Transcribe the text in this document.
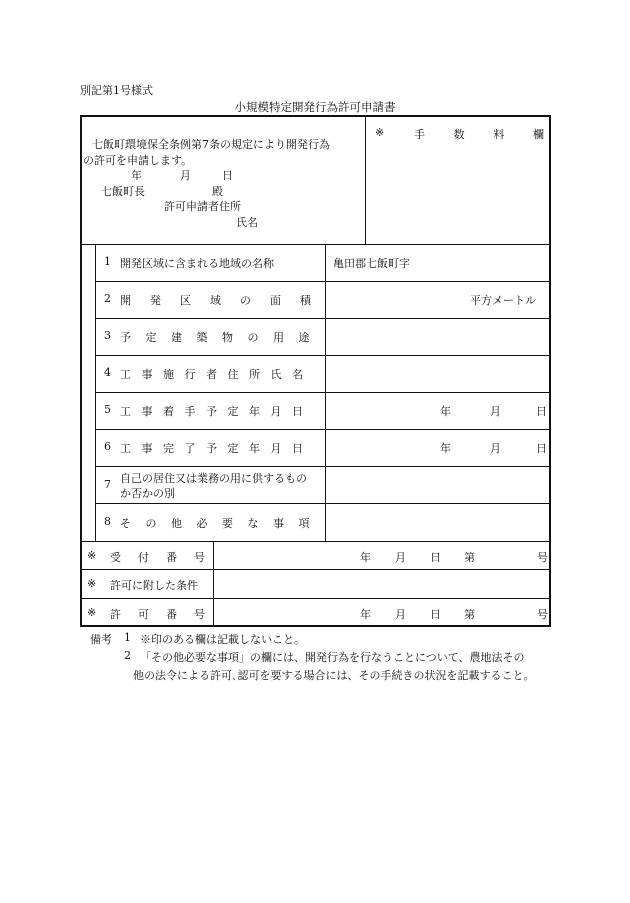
別記第1号様式
小規模特定開発行為許可申請書
七飯町環境保全条例第7条の規定により開発行為
の許可を申請します。
年	月	日
七飯町長	殿
許可申請者住所
氏名
※	手	数	料	欄
1 開発区域に含まれる地域の名称	亀田郡七飯町字
2 開発区域の面積	平方メートル
3 予定建築物の用途
4 工事施行者住所氏名
5 工事着手予定年月日	年	月	日
6 工事完了予定年月日	年	月	日
7 自己の居住又は業務の用に供するもの
か否かの別
8 その他必要な事項
※ 受付番号	年 月 日 第	号
※ 許可に附した条件
※ 許可番号	年 月 日 第	号
備考 1 ※印のある欄は記載しないこと。
2 「その他必要な事項」の欄には、開発行為を行なうことについて、農地法その
他の法令による許可､認可を要する場合には、その手続きの状況を記載すること。
